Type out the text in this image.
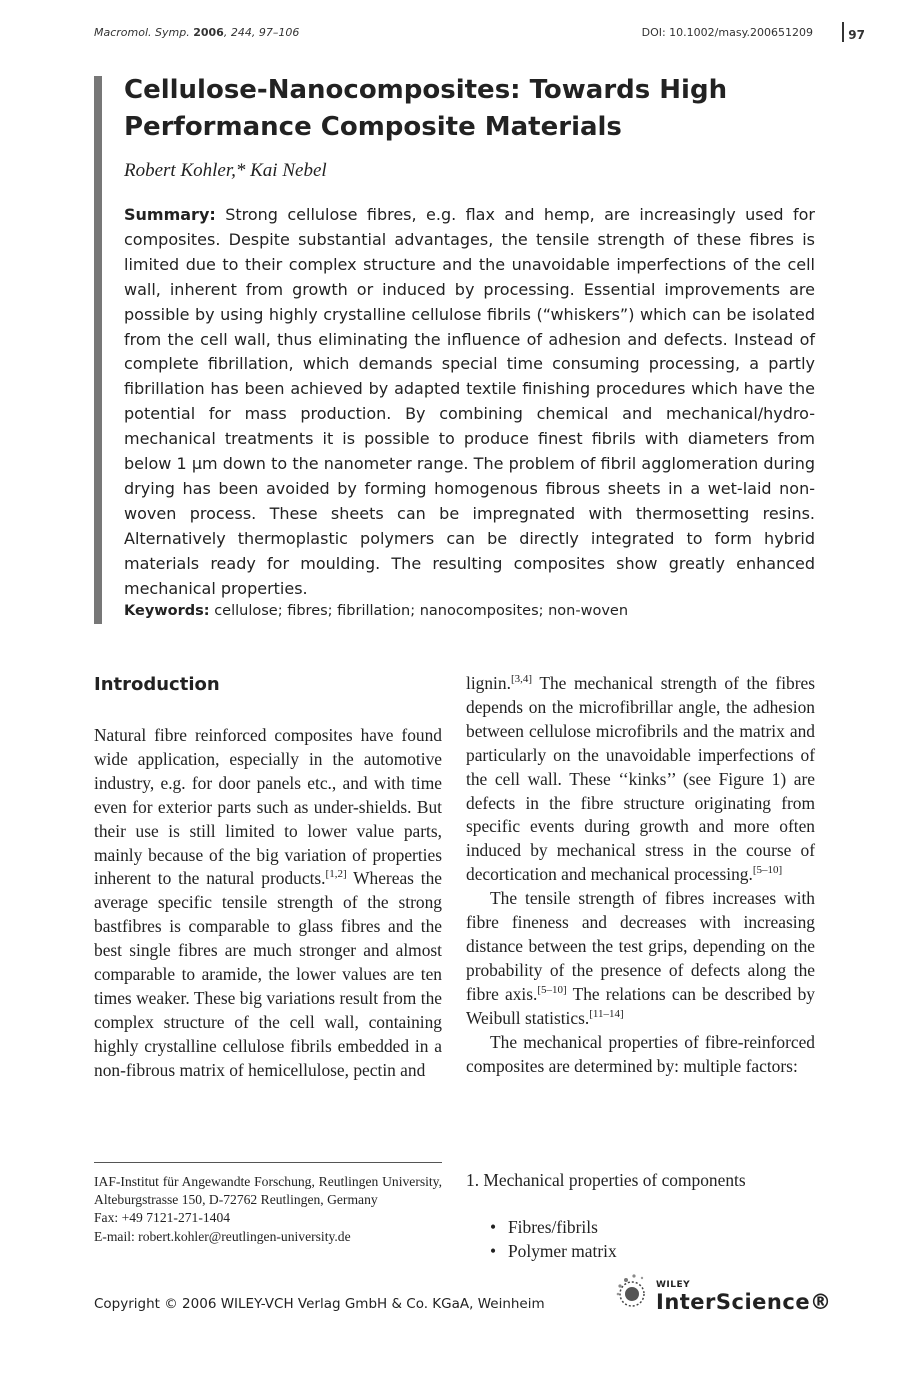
Macromol. Symp. 2006, 244, 97–106	DOI: 10.1002/masy.200651209	97
Cellulose-Nanocomposites: Towards High Performance Composite Materials
Robert Kohler,* Kai Nebel

Summary: Strong cellulose fibres, e.g. flax and hemp, are increasingly used for composites. Despite substantial advantages, the tensile strength of these fibres is limited due to their complex structure and the unavoidable imperfections of the cell wall, inherent from growth or induced by processing. Essential improvements are possible by using highly crystalline cellulose fibrils (“whiskers”) which can be isolated from the cell wall, thus eliminating the influence of adhesion and defects. Instead of complete fibrillation, which demands special time consuming processing, a partly fibrillation has been achieved by adapted textile finishing procedures which have the potential for mass production. By combining chemical and mechanical/hydro-mechanical treatments it is possible to produce finest fibrils with diameters from below 1 µm down to the nanometer range. The problem of fibril agglomeration during drying has been avoided by forming homogenous fibrous sheets in a wet-laid non-woven process. These sheets can be impregnated with thermosetting resins. Alternatively thermoplastic polymers can be directly integrated to form hybrid materials ready for moulding. The resulting composites show greatly enhanced mechanical properties.

Keywords: cellulose; fibres; fibrillation; nanocomposites; non-woven
Introduction

Natural fibre reinforced composites have found wide application, especially in the automotive industry, e.g. for door panels etc., and with time even for exterior parts such as under-shields. But their use is still limited to lower value parts, mainly because of the big variation of properties inherent to the natural products.[1,2] Whereas the average specific tensile strength of the strong bastfibres is comparable to glass fibres and the best single fibres are much stronger and almost comparable to aramide, the lower values are ten times weaker. These big variations result from the complex structure of the cell wall, containing highly crystalline cellulose fibrils embedded in a non-fibrous matrix of hemicellulose, pectin and

lignin.[3,4] The mechanical strength of the fibres depends on the microfibrillar angle, the adhesion between cellulose microfibrils and the matrix and particularly on the unavoidable imperfections of the cell wall. These ‘‘kinks’’ (see Figure 1) are defects in the fibre structure originating from specific events during growth and more often induced by mechanical stress in the course of decortication and mechanical processing.[5–10]

The tensile strength of fibres increases with fibre fineness and decreases with increasing distance between the test grips, depending on the probability of the presence of defects along the fibre axis.[5–10] The relations can be described by Weibull statistics.[11–14]

The mechanical properties of fibre-reinforced composites are determined by: multiple factors:

IAF-Institut für Angewandte Forschung, Reutlingen University, Alteburgstrasse 150, D-72762 Reutlingen, Germany

Fax: +49 7121-271-1404
E-mail: robert.kohler@reutlingen-university.de
1. Mechanical properties of components
• Fibres/fibrils
• Polymer matrix
Copyright © 2006 WILEY-VCH Verlag GmbH & Co. KGaA, Weinheim
WILEY
InterScience®
